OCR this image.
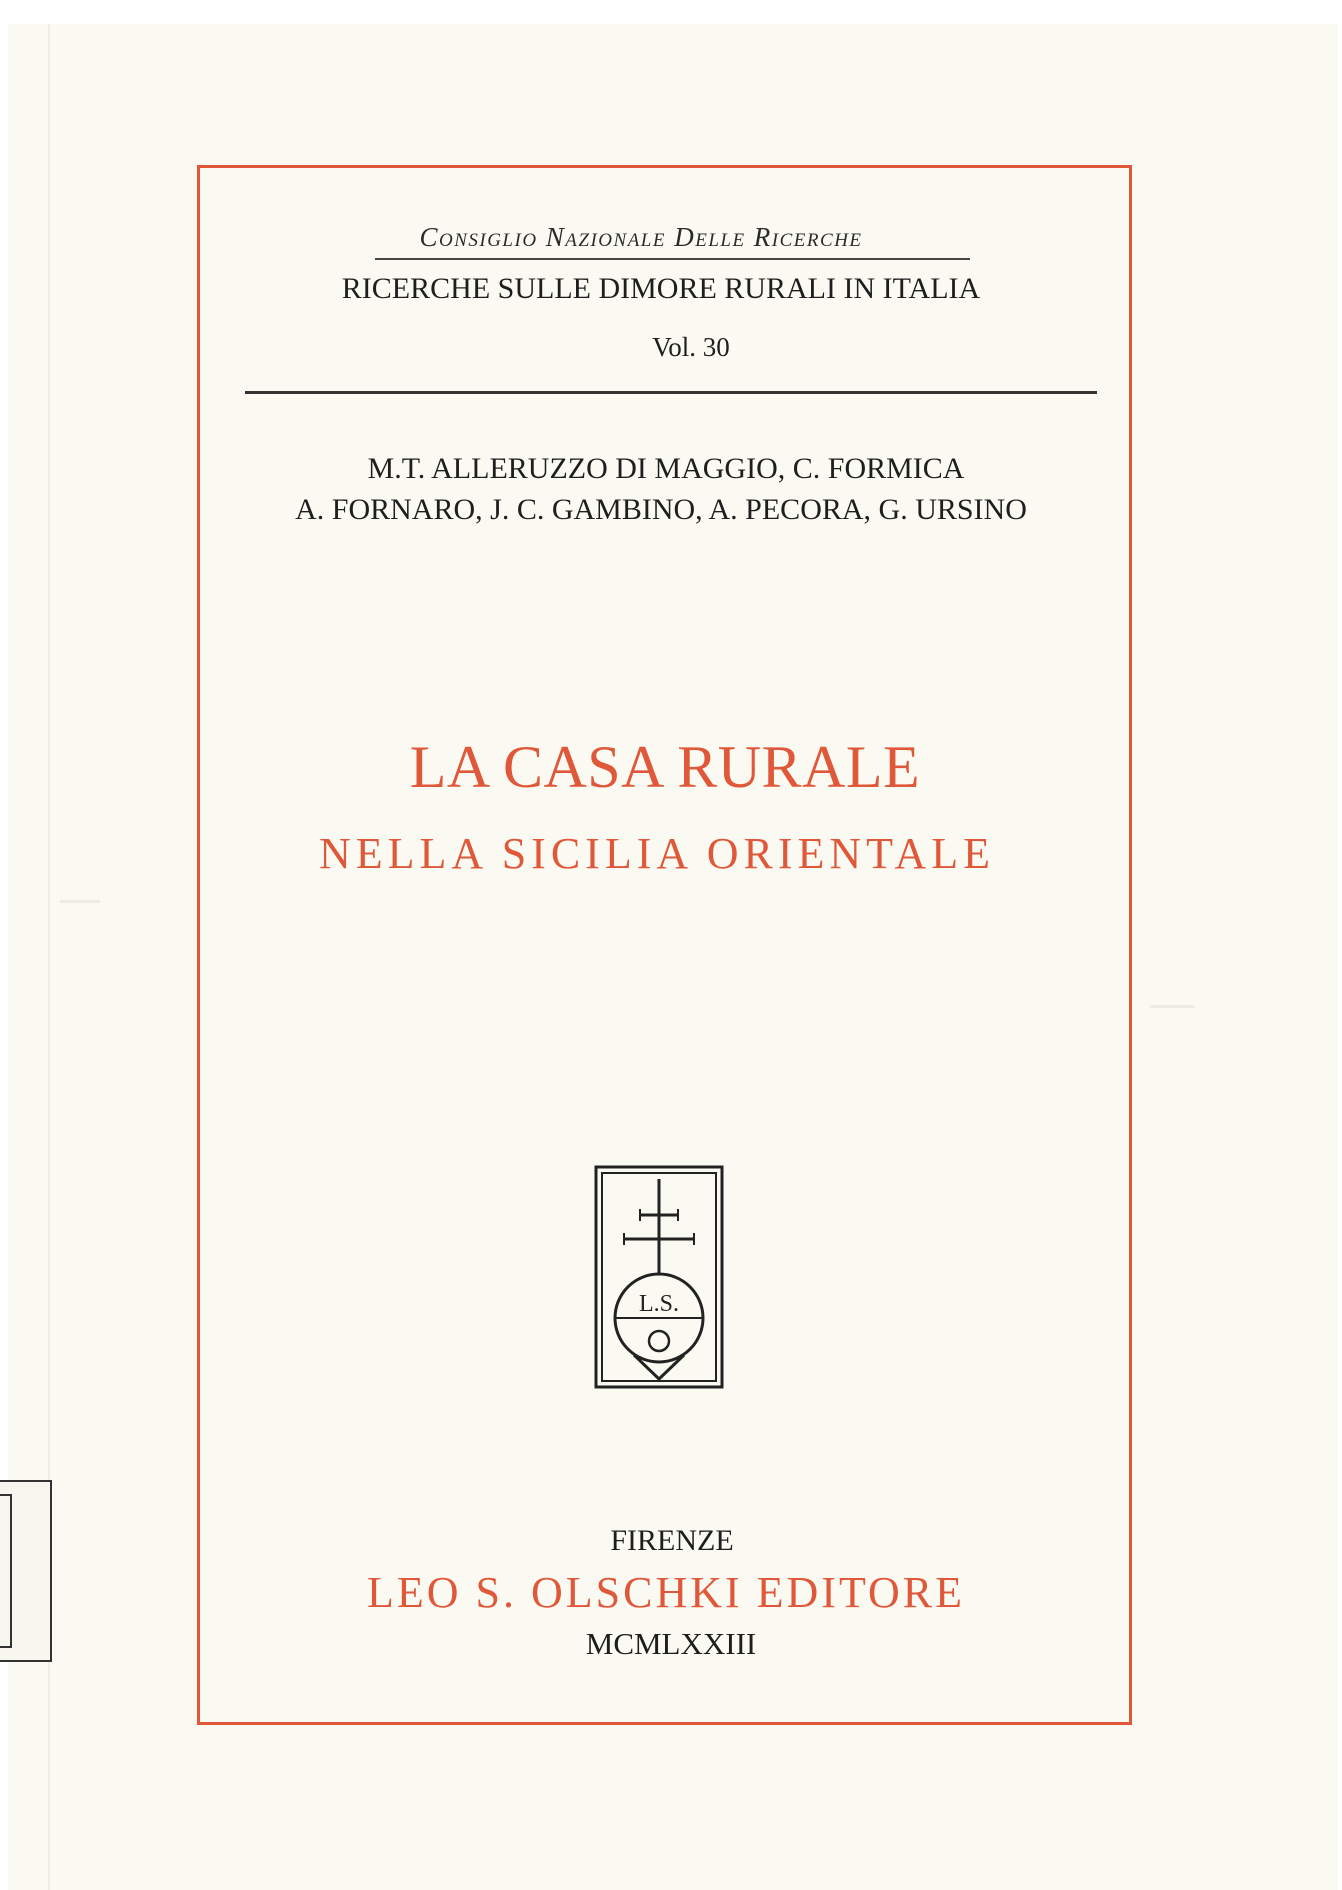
Consiglio Nazionale Delle Ricerche
RICERCHE SULLE DIMORE RURALI IN ITALIA
Vol. 30
M.T. ALLERUZZO DI MAGGIO, C. FORMICA
A. FORNARO, J. C. GAMBINO, A. PECORA, G. URSINO
LA CASA RURALE
NELLA SICILIA ORIENTALE
L.S.
FIRENZE
LEO S. OLSCHKI EDITORE
MCMLXXIII
